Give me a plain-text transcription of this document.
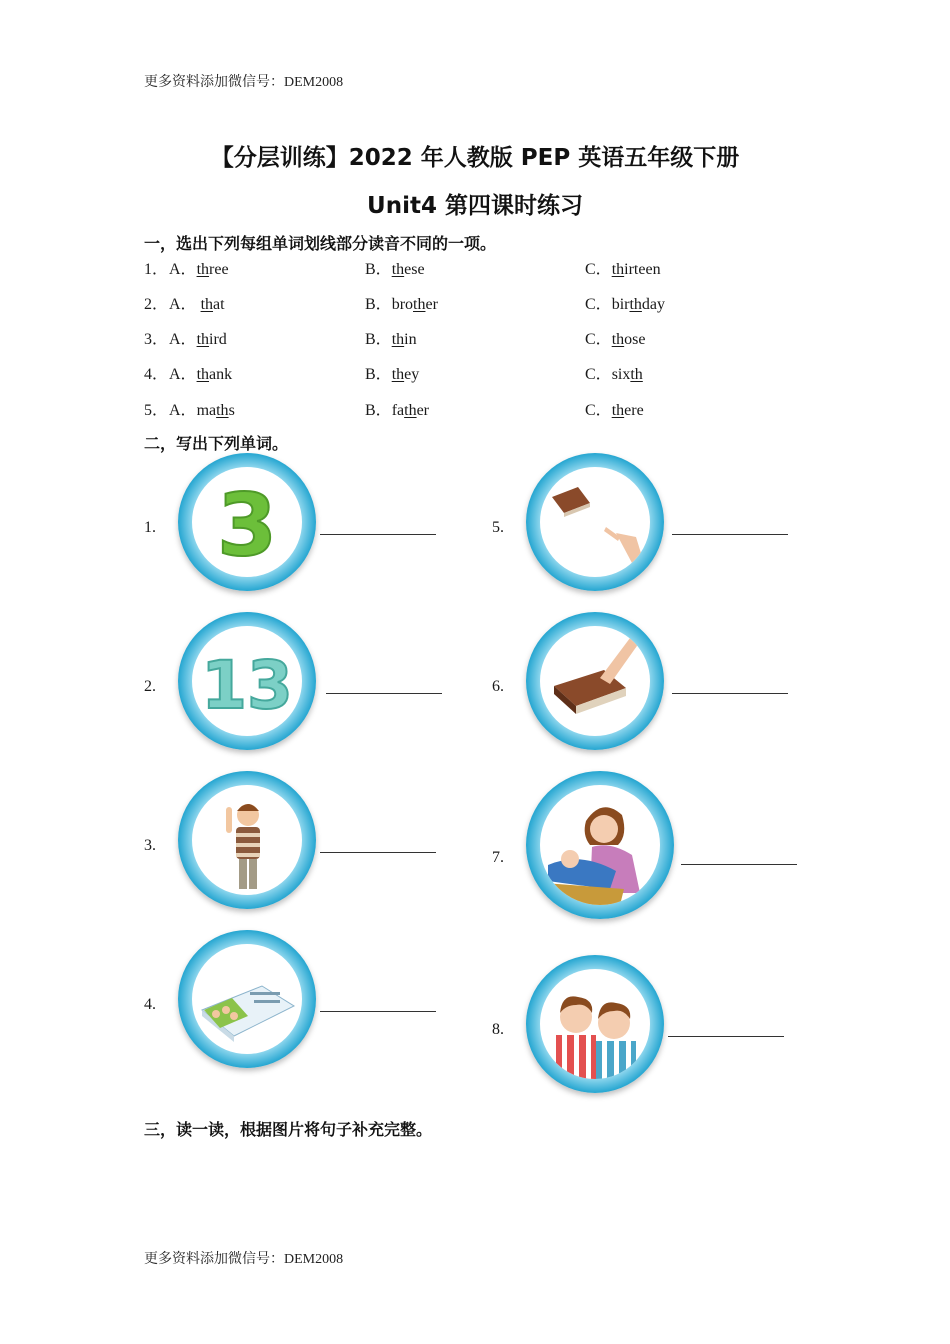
更多资料添加微信号：DEM2008
【分层训练】2022 年人教版 PEP 英语五年级下册
Unit4 第四课时练习
一，选出下列每组单词划线部分读音不同的一项。
1． A．three	B．these	C．thirteen
2． A． that	B．brother	C．birthday
3． A．third	B．thin	C．those
4． A．thank	B．they	C．sixth
5． A．maths	B．father	C．there
二，写出下列单词。
1. 3
2. 13
3.
4.
5.
6.
7.
8.
三，读一读，根据图片将句子补充完整。
更多资料添加微信号：DEM2008
